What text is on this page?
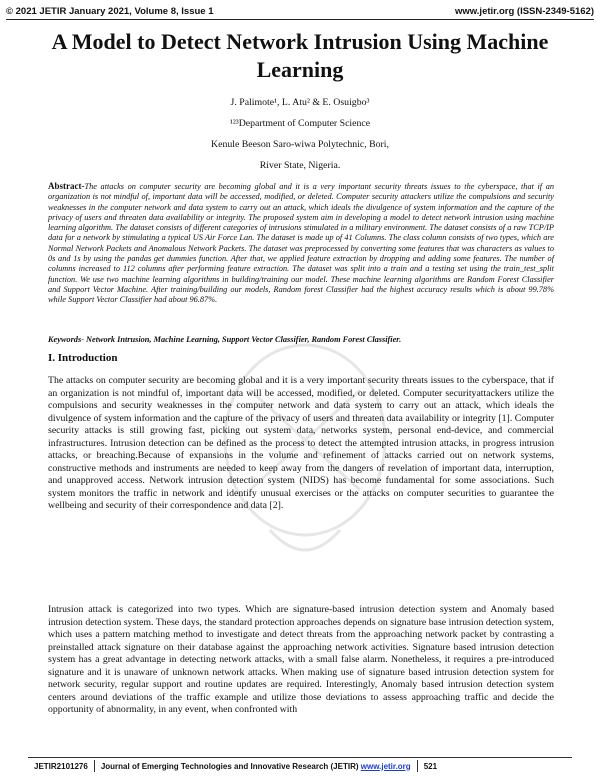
© 2021 JETIR January 2021, Volume 8, Issue 1	www.jetir.org (ISSN-2349-5162)
A Model to Detect Network Intrusion Using Machine Learning
J. Palimote¹, L. Atu² & E. Osuigbo³
¹²³Department of Computer Science
Kenule Beeson Saro-wiwa Polytechnic, Bori,
River State, Nigeria.
Abstract-The attacks on computer security are becoming global and it is a very important security threats issues to the cyberspace, that if an organization is not mindful of, important data will be accessed, modified, or deleted. Computer security attackers utilize the compulsions and security weaknesses in the computer network and data system to carry out an attack, which ideals the divulgence of system information and the capture of the privacy of users and threaten data availability or integrity. The proposed system aim in developing a model to detect network intrusion using machine learning algorithm. The dataset consists of different categories of intrusions stimulated in a military environment. The dataset consists of a raw TCP/IP data for a network by stimulating a typical US Air Force Lan. The dataset is made up of 41 Columns. The class column consists of two types, which are Normal Network Packets and Anomalous Network Packets. The dataset was preprocessed by converting some features that was characters as values to 0s and 1s by using the pandas get dummies function. After that, we applied feature extraction by dropping and adding some features. The number of columns increased to 112 columns after performing feature extraction. The dataset was split into a train and a testing set using the train_test_split function. We use two machine learning algorithms in building/training our model. These machine learning algorithms are Random Forest Classifier and Support Vector Machine. After training/building our models, Random forest Classifier had the highest accuracy results which is about 99.78% while Support Vector Classifier had about 96.87%.
Keywords- Network Intrusion, Machine Learning, Support Vector Classifier, Random Forest Classifier.
I. Introduction
The attacks on computer security are becoming global and it is a very important security threats issues to the cyberspace, that if an organization is not mindful of, important data will be accessed, modified, or deleted. Computer securityattackers utilize the compulsions and security weaknesses in the computer network and data system to carry out an attack, which ideals the divulgence of system information and the capture of the privacy of users and threaten data availability or integrity [1]. Computer security attacks is still growing fast, picking out system data, networks system, personal end-device, and commercial infrastructures. Intrusion detection can be defined as the process to detect the attempted intrusion attacks, in progress intrusion attacks, or breaching.Because of expansions in the volume and refinement of attacks carried out on network systems, constructive methods and instruments are needed to keep away from the dangers of revelation of important data, interruption, and unapproved access. Network intrusion detection system (NIDS) has become fundamental for some associations. Such system monitors the traffic in network and identify unusual exercises or the attacks on computer securities to guarantee the wellbeing and security of their correspondence and data [2].
Intrusion attack is categorized into two types. Which are signature-based intrusion detection system and Anomaly based intrusion detection system. These days, the standard protection approaches depends on signature base intrusion detection system, which uses a pattern matching method to investigate and detect threats from the approaching network packet by contrasting a preinstalled attack signature on their database against the approaching network activities. Signature based intrusion detection system has a great advantage in detecting network attacks, with a small false alarm. Nonetheless, it requires a pre-introduced signature and it is unaware of unknown network attacks. When making use of signature based intrusion detection system for network security, regular support and routine updates are required. Interestingly, Anomaly based intrusion detection system centers around deviations of the traffic example and utilize those deviations to assess approaching traffic and decide the opportunity of abnormality, in any event, when confronted with
JETIR2101276	Journal of Emerging Technologies and Innovative Research (JETIR) www.jetir.org	521
